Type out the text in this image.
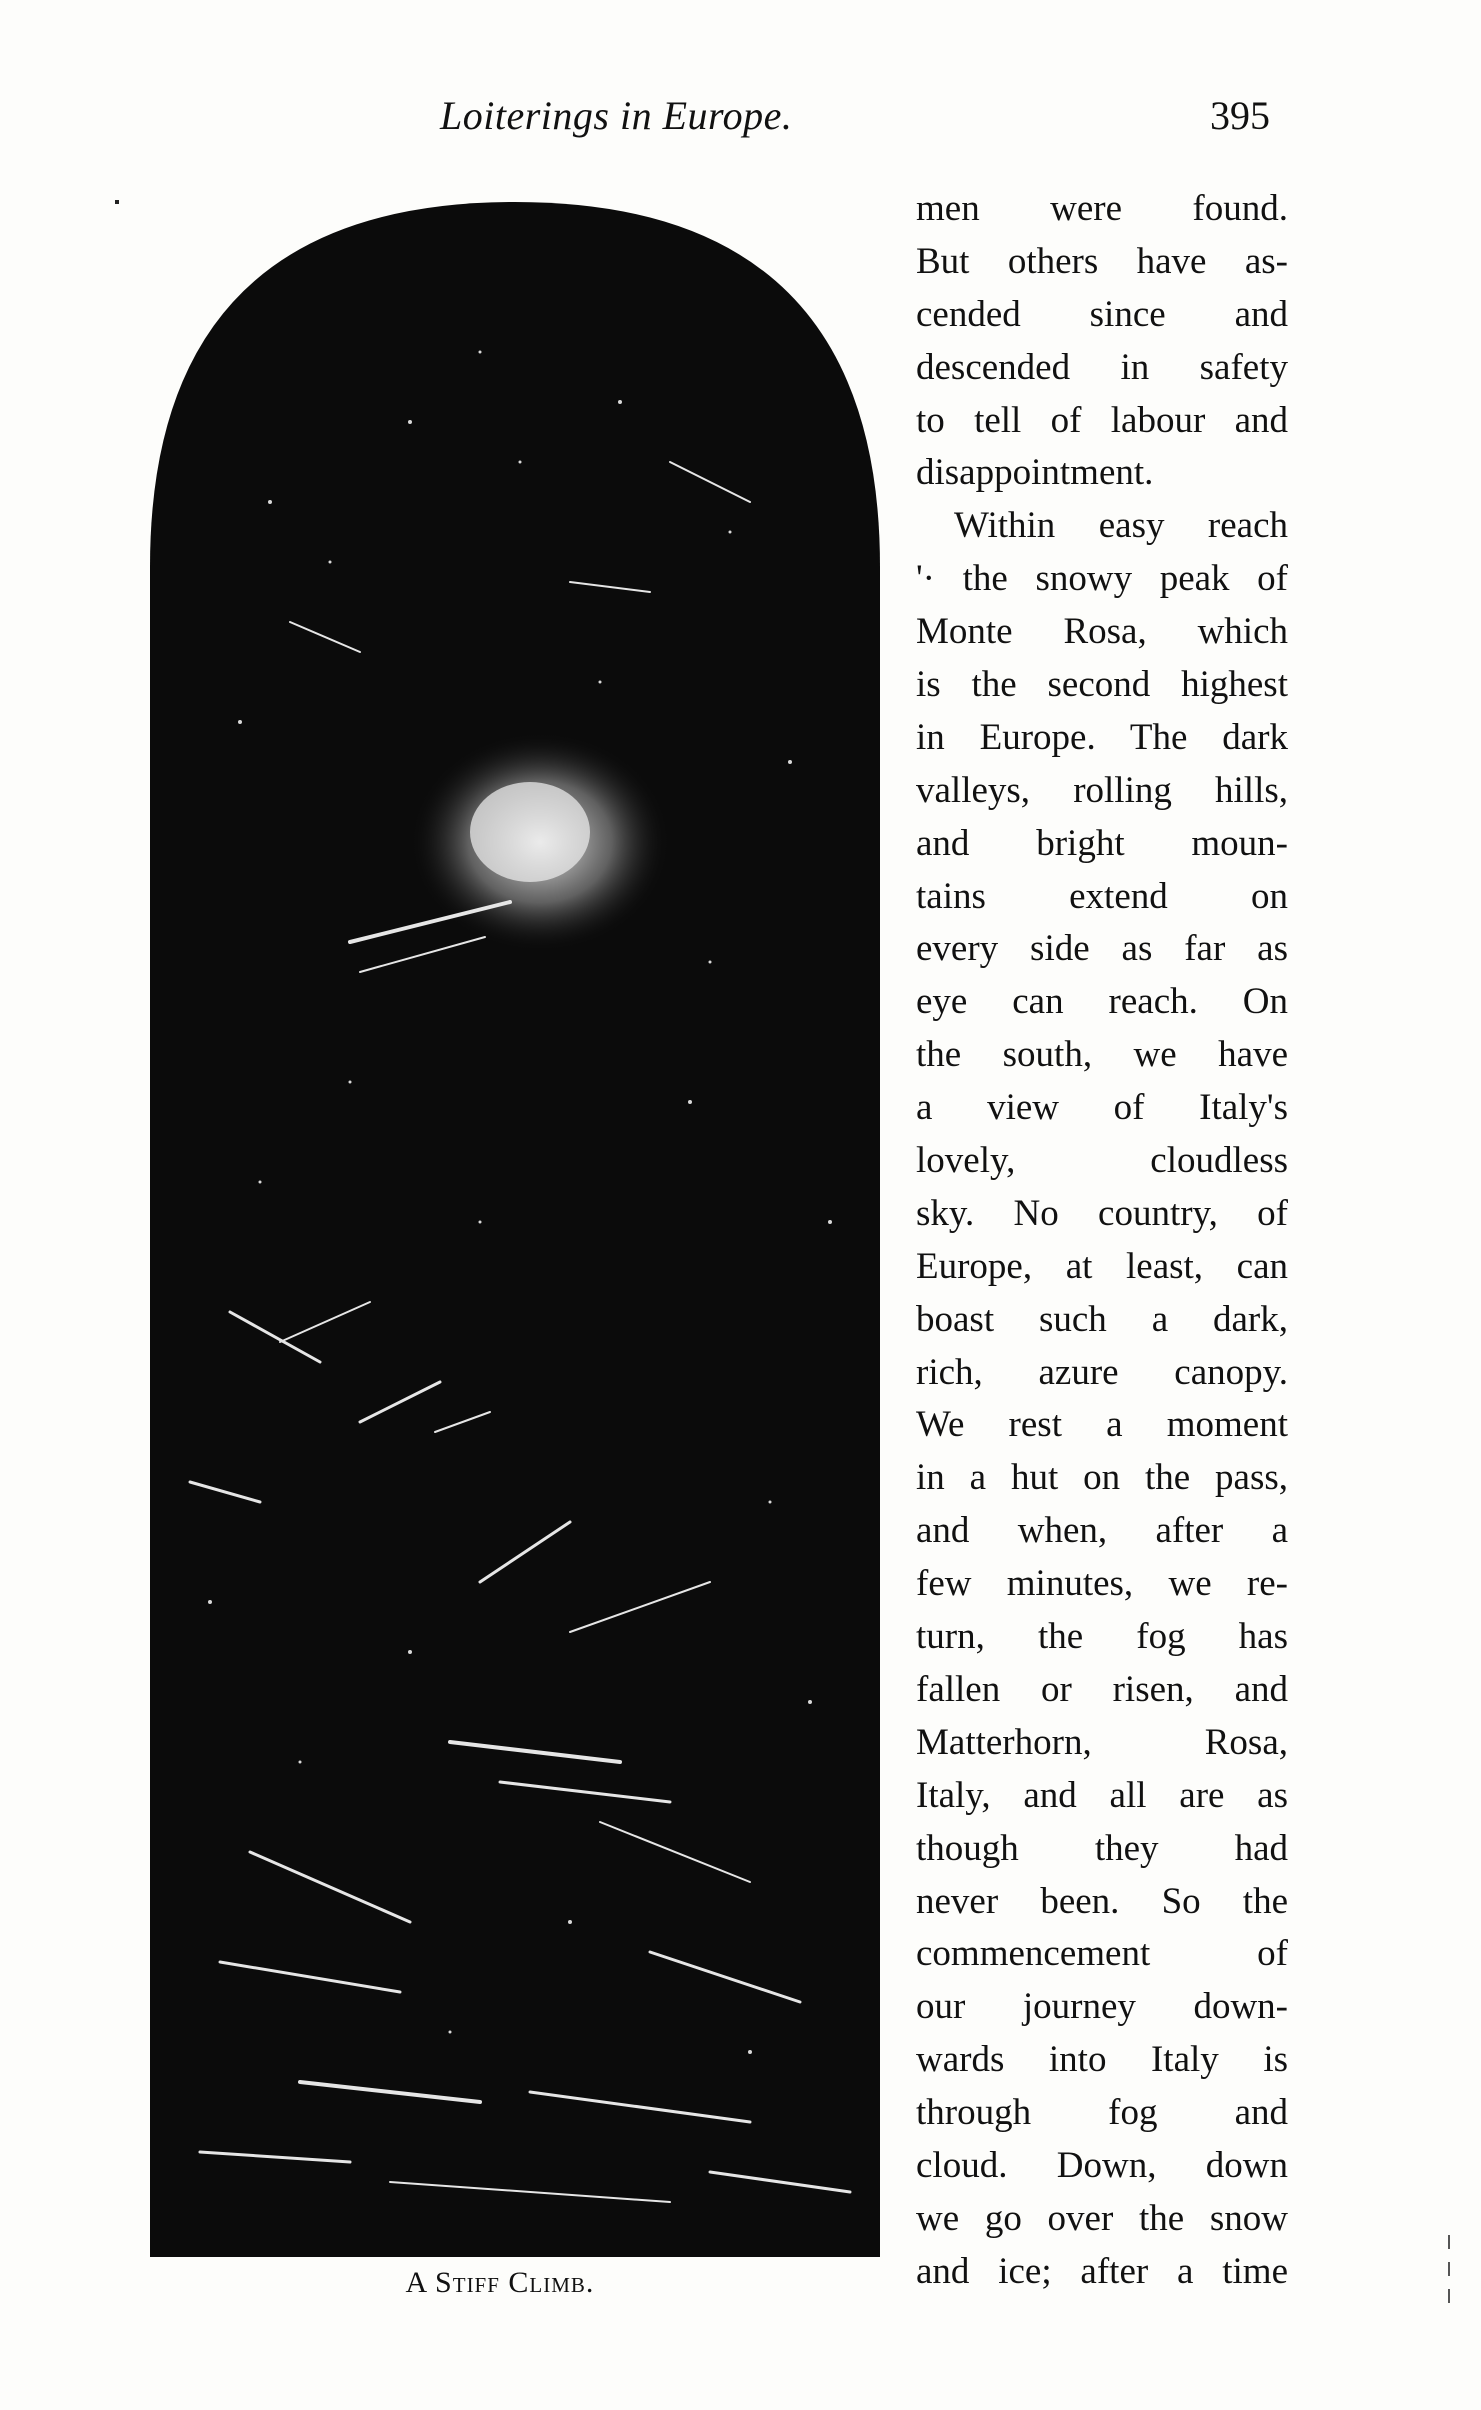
Loiterings in Europe.	395
A Stiff Climb.
men were found.
But others have as-
cended since and
descended in safety
to tell of labour and
disappointment.
Within easy reach
'· the snowy peak of
Monte Rosa, which
is the second highest
in Europe. The dark
valleys, rolling hills,
and bright moun-
tains extend on
every side as far as
eye can reach. On
the south, we have
a view of Italy's
lovely, cloudless
sky. No country, of
Europe, at least, can
boast such a dark,
rich, azure canopy.
We rest a moment
in a hut on the pass,
and when, after a
few minutes, we re-
turn, the fog has
fallen or risen, and
Matterhorn, Rosa,
Italy, and all are as
though they had
never been. So the
commencement of
our journey down-
wards into Italy is
through fog and
cloud. Down, down
we go over the snow
and ice; after a time
